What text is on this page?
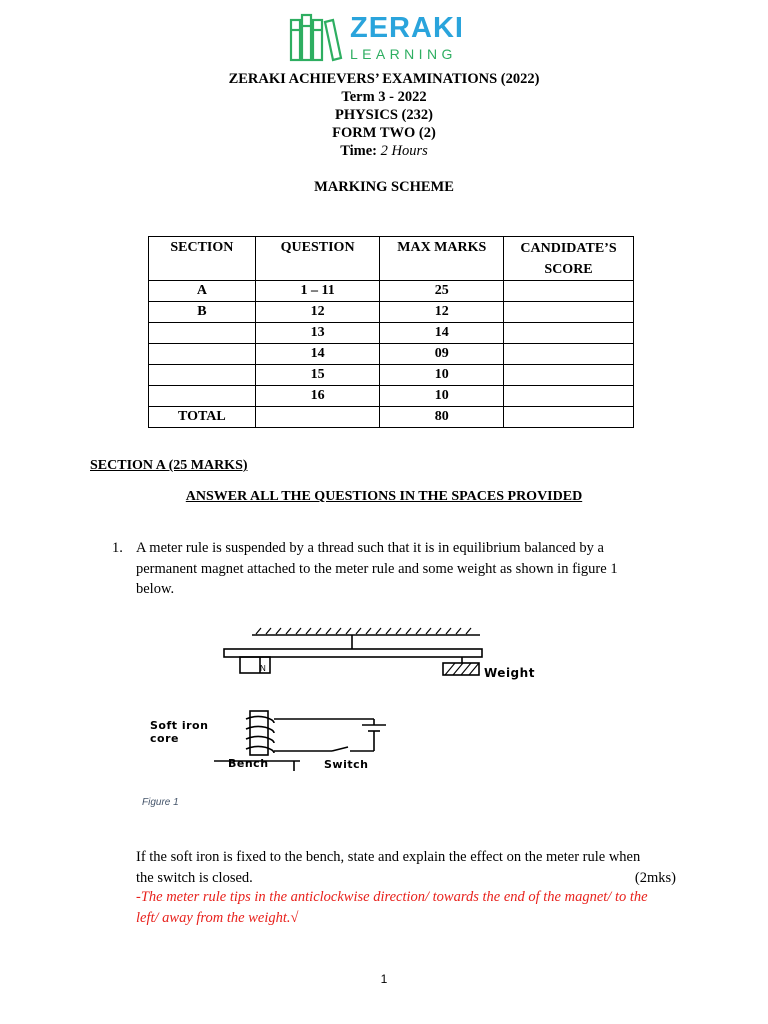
ZERAKI
LEARNING
ZERAKI ACHIEVERS’ EXAMINATIONS (2022)
Term 3 - 2022
PHYSICS (232)
FORM TWO (2)
Time: 2 Hours
MARKING SCHEME
SECTION	QUESTION	MAX MARKS	CANDIDATE’S SCORE

A	1 – 11	25	
B	12	12	
	13	14	
	14	09	
	15	10	
	16	10	
TOTAL		80	
SECTION A (25 MARKS)
ANSWER ALL THE QUESTIONS IN THE SPACES PROVIDED
1. A meter rule is suspended by a thread such that it is in equilibrium balanced by a
permanent magnet attached to the meter rule and some weight as shown in figure 1
below.
N	Weight
Soft iron
core
Bench	Switch
Figure 1
If the soft iron is fixed to the bench, state and explain the effect on the meter rule when
the switch is closed.	(2mks)
-The meter rule tips in the anticlockwise direction/ towards the end of the magnet/ to the
left/ away from the weight.√
1
